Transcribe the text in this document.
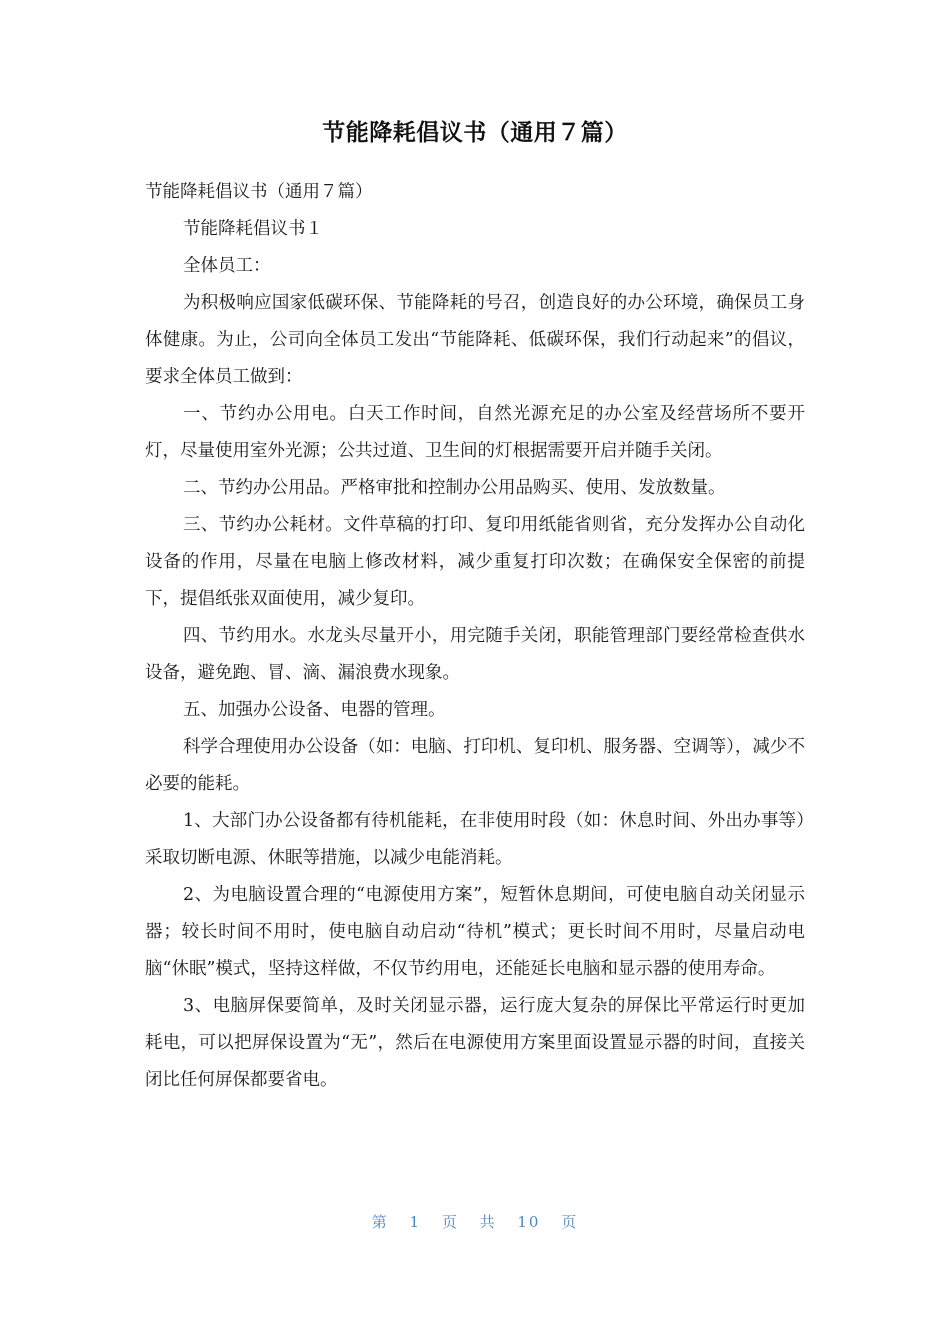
节能降耗倡议书（通用７篇）

节能降耗倡议书（通用７篇）

节能降耗倡议书１

全体员工：

为积极响应国家低碳环保、节能降耗的号召，创造良好的办公环境，确保员工身体健康。为止，公司向全体员工发出“节能降耗、低碳环保，我们行动起来”的倡议，要求全体员工做到：

一、节约办公用电。白天工作时间，自然光源充足的办公室及经营场所不要开灯，尽量使用室外光源；公共过道、卫生间的灯根据需要开启并随手关闭。

二、节约办公用品。严格审批和控制办公用品购买、使用、发放数量。

三、节约办公耗材。文件草稿的打印、复印用纸能省则省，充分发挥办公自动化设备的作用，尽量在电脑上修改材料，减少重复打印次数；在确保安全保密的前提下，提倡纸张双面使用，减少复印。

四、节约用水。水龙头尽量开小，用完随手关闭，职能管理部门要经常检查供水设备，避免跑、冒、滴、漏浪费水现象。

五、加强办公设备、电器的管理。

科学合理使用办公设备（如：电脑、打印机、复印机、服务器、空调等），减少不必要的能耗。

1、大部门办公设备都有待机能耗，在非使用时段（如：休息时间、外出办事等）采取切断电源、休眠等措施，以减少电能消耗。

2、为电脑设置合理的“电源使用方案”，短暂休息期间，可使电脑自动关闭显示器；较长时间不用时，使电脑自动启动“待机”模式；更长时间不用时，尽量启动电脑“休眠”模式，坚持这样做，不仅节约用电，还能延长电脑和显示器的使用寿命。

3、电脑屏保要简单，及时关闭显示器，运行庞大复杂的屏保比平常运行时更加耗电，可以把屏保设置为“无”，然后在电源使用方案里面设置显示器的时间，直接关闭比任何屏保都要省电。

第 1 页 共 10 页
